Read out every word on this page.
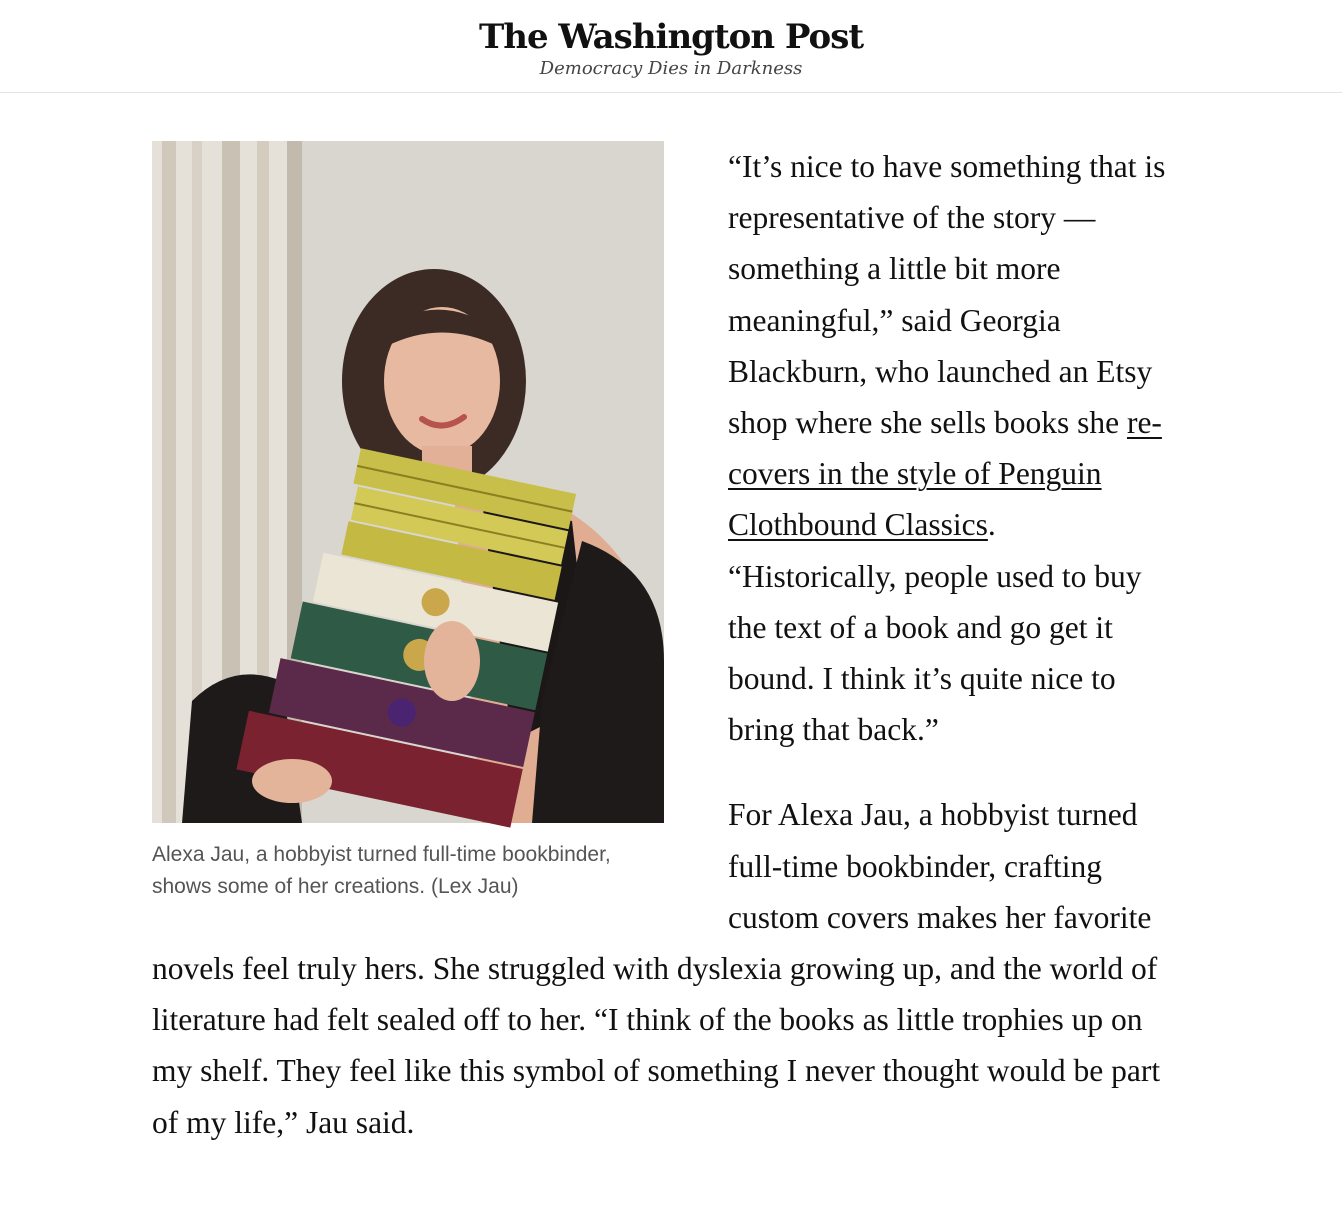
The Washington Post
Democracy Dies in Darkness
Alexa Jau, a hobbyist turned full-time bookbinder, shows some of her creations. (Lex Jau)

“It’s nice to have something that is representative of the story — something a little bit more meaningful,” said Georgia Blackburn, who launched an Etsy shop where she sells books she re-covers in the style of Penguin Clothbound Classics. “Historically, people used to buy the text of a book and go get it bound. I think it’s quite nice to bring that back.”

For Alexa Jau, a hobbyist turned full-time bookbinder, crafting custom covers makes her favorite novels feel truly hers. She struggled with dyslexia growing up, and the world of literature had felt sealed off to her. “I think of the books as little trophies up on my shelf. They feel like this symbol of something I never thought would be part of my life,” Jau said.
